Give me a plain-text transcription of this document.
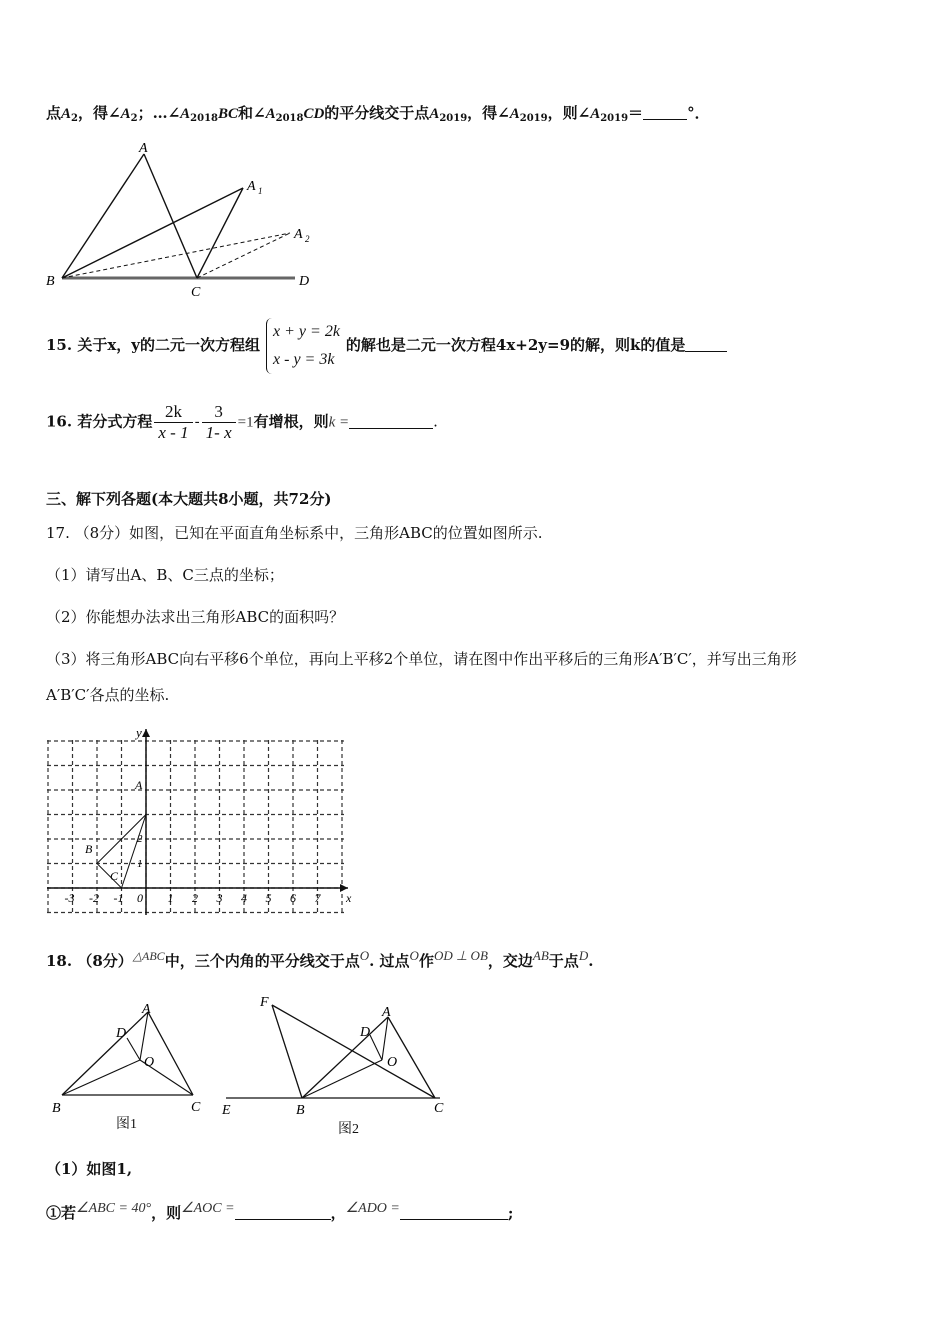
点$A_2$，得$\angle A_2$；$\dots\angle A_{2018}BC$和$\angle A_{2018}CD$的平分线交于点$A_{2019}$，得$\angle A_{2019}$，则$\angle A_{2019}=$	°．
A
A 1
A 2
B
C
D
15. 关于x，y的二元一次方程组
x + y = 2k
x - y = 3k
的解也是二元一次方程4x+2y=9的解，则k的值是
16. 若分式方程 $\frac{2k}{x - 1} - \frac{3}{1- x} =1$有增根，则k =	.
三、解下列各题(本大题共8小题，共72分)
17. （8分）如图，已知在平面直角坐标系中，三角形ABC的位置如图所示.
（1）请写出A、B、C三点的坐标；
（2）你能想办法求出三角形ABC的面积吗？
（3）将三角形ABC向右平移6个单位，再向上平移2个单位，请在图中作出平移后的三角形A′B′C′，并写出三角形
A′B′C′各点的坐标.
x
y
-3 -2 -1 0 1 2 3 4 5 6 7
1
2
A
B
C
18. （8分）$^{\triangle ABC}$中，三个内角的平分线交于点$^O$. 过点$^O$作$^{OD \perp OB}$，交边$^{AB}$于点$^D$.
A
D
O
B	C
图1
A
D
O
B	C
E
F
图2
（1）如图1,
①若$^{\angle ABC = 40^\circ}$，则$^{\angle AOC =}$	，$^{\angle ADO =}$	;
